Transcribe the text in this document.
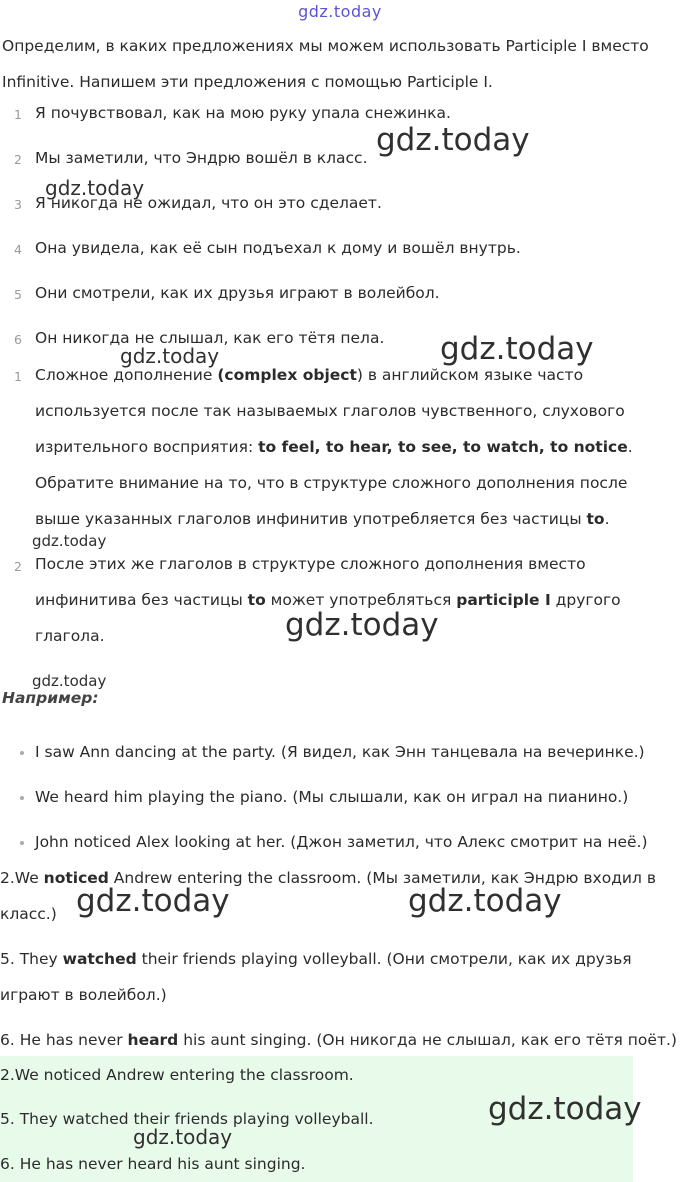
gdz.today
Определим, в каких предложениях мы можем использовать Participle I вместо Infinitive. Напишем эти предложения с помощью Participle I.
1 Я почувствовал, как на мою руку упала снежинка.
2 Мы заметили, что Эндрю вошёл в класс.
3 Я никогда не ожидал, что он это сделает.
4 Она увидела, как её сын подъехал к дому и вошёл внутрь.
5 Они смотрели, как их друзья играют в волейбол.
6 Он никогда не слышал, как его тётя пела.
1 Сложное дополнение (complex object) в английском языке часто используется после так называемых глаголов чувственного, слухового изрительного восприятия: to feel, to hear, to see, to watch, to notice. Обратите внимание на то, что в структуре сложного дополнения после выше указанных глаголов инфинитив употребляется без частицы to.
2 После этих же глаголов в структуре сложного дополнения вместо инфинитива без частицы to может употребляться participle I другого глагола.
Например:
I saw Ann dancing at the party. (Я видел, как Энн танцевала на вечеринке.)
We heard him playing the piano. (Мы слышали, как он играл на пианино.)
John noticed Alex looking at her. (Джон заметил, что Алекс смотрит на неё.)
2.We noticed Andrew entering the classroom. (Мы заметили, как Эндрю входил в класс.)
5. They watched their friends playing volleyball. (Они смотрели, как их друзья играют в волейбол.)
6. He has never heard his aunt singing. (Он никогда не слышал, как его тётя поёт.)
2.We noticed Andrew entering the classroom.
5. They watched their friends playing volleyball.
6. He has never heard his aunt singing.
gdz.today
gdz.today
gdz.today
gdz.today
gdz.today
gdz.today
gdz.today
gdz.today	gdz.today
gdz.today
gdz.today
